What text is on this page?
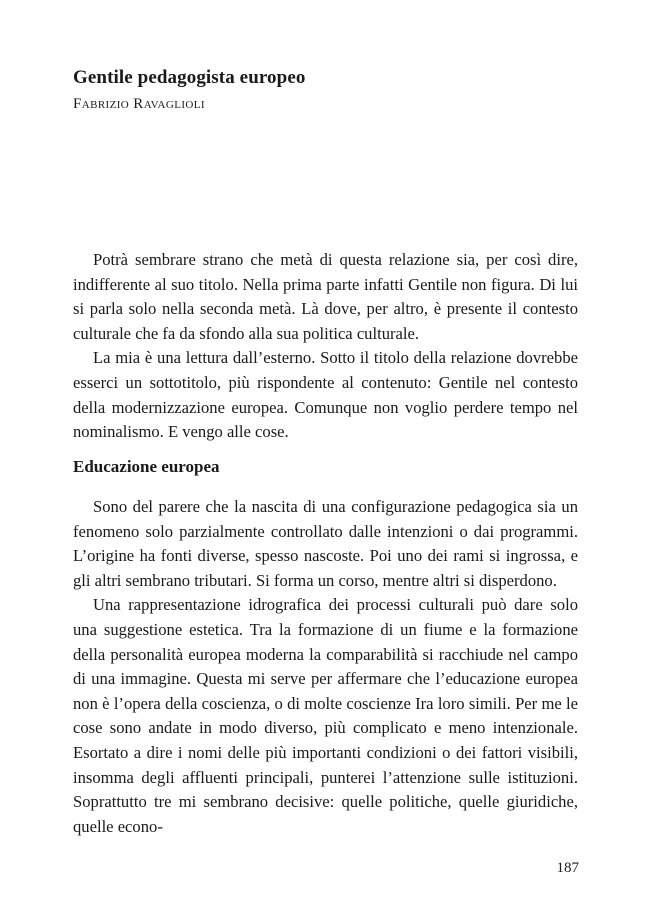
Gentile pedagogista europeo

Fabrizio Ravaglioli

Potrà sembrare strano che metà di questa relazione sia, per così dire, indifferente al suo titolo. Nella prima parte infatti Gentile non figura. Di lui si parla solo nella seconda metà. Là dove, per altro, è presente il contesto culturale che fa da sfondo alla sua politica culturale.

La mia è una lettura dall’esterno. Sotto il titolo della relazione dovrebbe esserci un sottotitolo, più rispondente al contenuto: Gentile nel contesto della modernizzazione europea. Comunque non voglio perdere tempo nel nominalismo. E vengo alle cose.

Educazione europea

Sono del parere che la nascita di una configurazione pedagogica sia un fenomeno solo parzialmente controllato dalle intenzioni o dai programmi. L’origine ha fonti diverse, spesso nascoste. Poi uno dei rami si ingrossa, e gli altri sembrano tributari. Si forma un corso, mentre altri si disperdono.

Una rappresentazione idrografica dei processi culturali può dare solo una suggestione estetica. Tra la formazione di un fiume e la formazione della personalità europea moderna la comparabilità si racchiude nel campo di una immagine. Questa mi serve per affermare che l’educazione europea non è l’opera della coscienza, o di molte coscienze Ira loro simili. Per me le cose sono andate in modo diverso, più complicato e meno intenzionale. Esortato a dire i nomi delle più importanti condizioni o dei fattori visibili, insomma degli affluenti principali, punterei l’attenzione sulle istituzioni. Soprattutto tre mi sembrano decisive: quelle politiche, quelle giuridiche, quelle econo-

187
